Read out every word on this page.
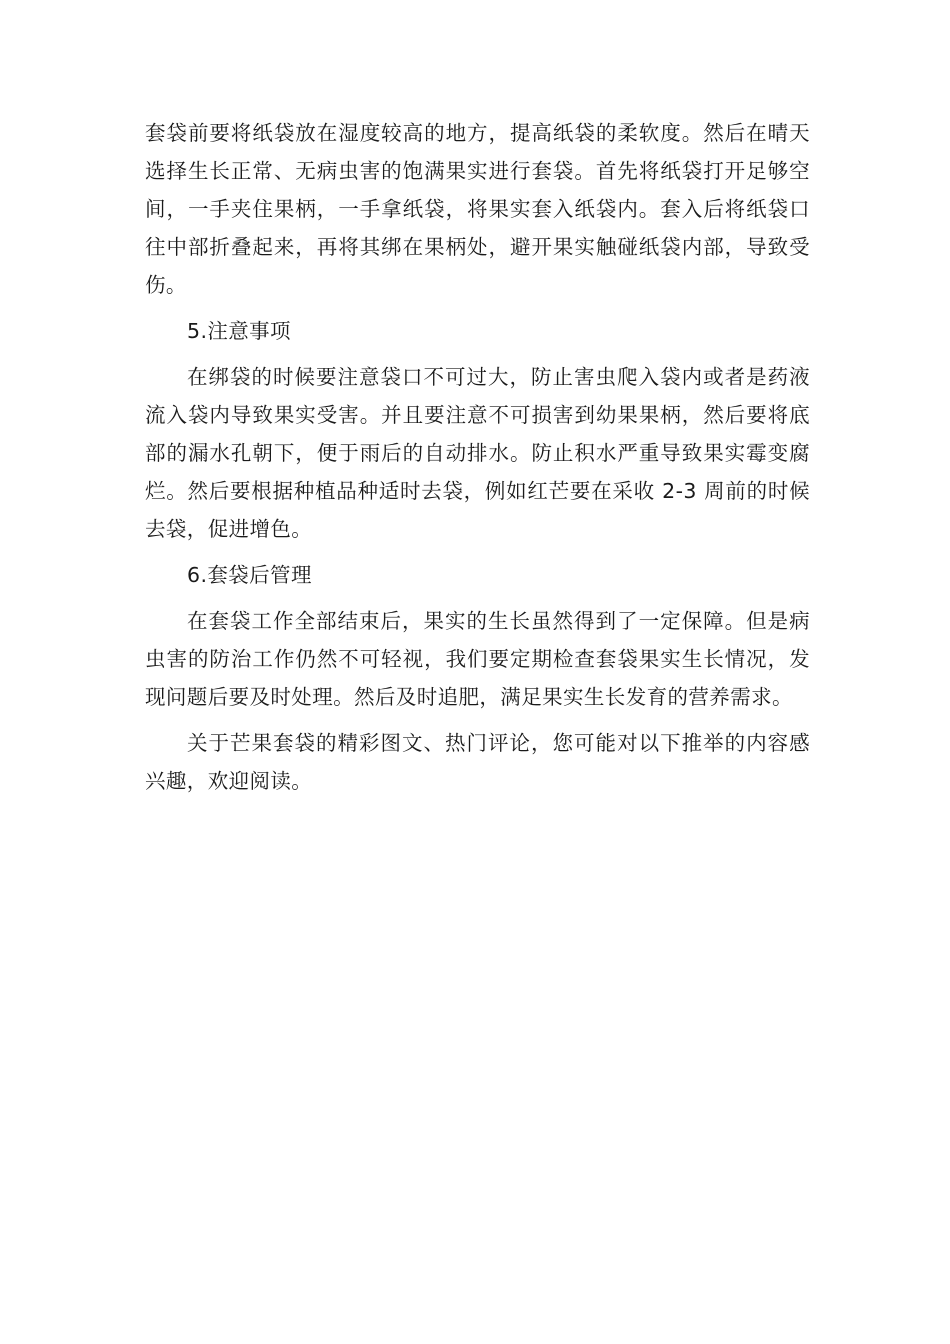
套袋前要将纸袋放在湿度较高的地方，提高纸袋的柔软度。然后在晴天选择生长正常、无病虫害的饱满果实进行套袋。首先将纸袋打开足够空间，一手夹住果柄，一手拿纸袋，将果实套入纸袋内。套入后将纸袋口往中部折叠起来，再将其绑在果柄处，避开果实触碰纸袋内部，导致受伤。

5.注意事项

在绑袋的时候要注意袋口不可过大，防止害虫爬入袋内或者是药液流入袋内导致果实受害。并且要注意不可损害到幼果果柄，然后要将底部的漏水孔朝下，便于雨后的自动排水。防止积水严重导致果实霉变腐烂。然后要根据种植品种适时去袋，例如红芒要在采收 2-3 周前的时候去袋，促进增色。

6.套袋后管理

在套袋工作全部结束后，果实的生长虽然得到了一定保障。但是病虫害的防治工作仍然不可轻视，我们要定期检查套袋果实生长情况，发现问题后要及时处理。然后及时追肥，满足果实生长发育的营养需求。

关于芒果套袋的精彩图文、热门评论，您可能对以下推举的内容感兴趣，欢迎阅读。
